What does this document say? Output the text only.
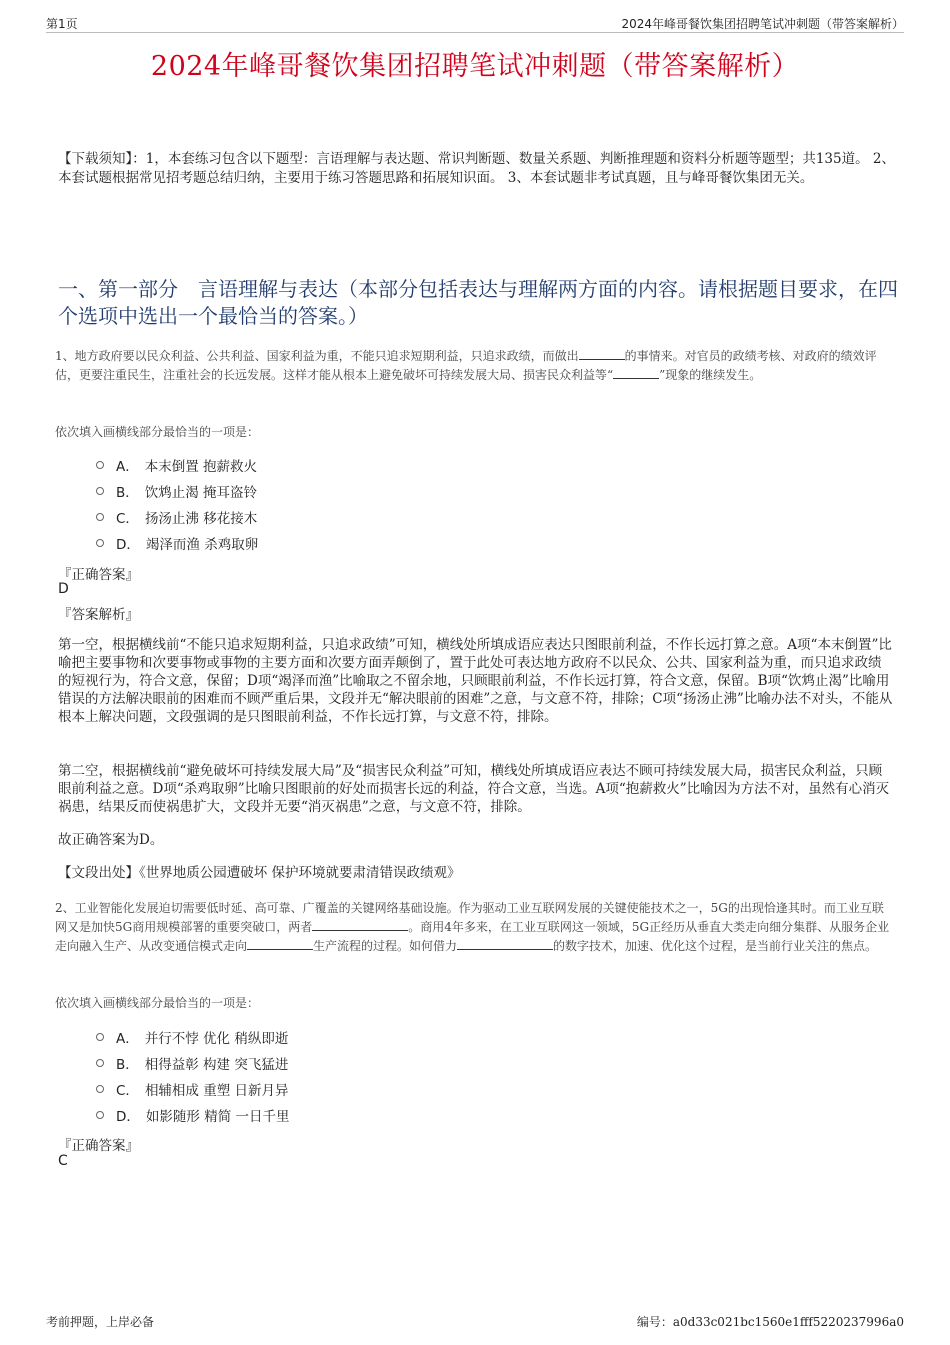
第1页	2024年峰哥餐饮集团招聘笔试冲刺题（带答案解析）
2024年峰哥餐饮集团招聘笔试冲刺题（带答案解析）
【下载须知】：1，本套练习包含以下题型：言语理解与表达题、常识判断题、数量关系题、判断推理题和资料分析题等题型；共135道。 2、本套试题根据常见招考题总结归纳，主要用于练习答题思路和拓展知识面。 3、本套试题非考试真题，且与峰哥餐饮集团无关。
一、第一部分　言语理解与表达（本部分包括表达与理解两方面的内容。请根据题目要求，在四个选项中选出一个最恰当的答案。）
1、地方政府要以民众利益、公共利益、国家利益为重，不能只追求短期利益，只追求政绩，而做出	的事情来。对官员的政绩考核、对政府的绩效评估，更要注重民生，注重社会的长远发展。这样才能从根本上避免破坏可持续发展大局、损害民众利益等“	”现象的继续发生。
依次填入画横线部分最恰当的一项是：
A． 本末倒置 抱薪救火
B． 饮鸩止渴 掩耳盗铃
C． 扬汤止沸 移花接木
D． 竭泽而渔 杀鸡取卵
『正确答案』
D
『答案解析』
第一空，根据横线前“不能只追求短期利益，只追求政绩”可知，横线处所填成语应表达只图眼前利益，不作长远打算之意。A项“本末倒置”比喻把主要事物和次要事物或事物的主要方面和次要方面弄颠倒了，置于此处可表达地方政府不以民众、公共、国家利益为重，而只追求政绩的短视行为，符合文意，保留；D项“竭泽而渔”比喻取之不留余地，只顾眼前利益，不作长远打算，符合文意，保留。B项“饮鸩止渴”比喻用错误的方法解决眼前的困难而不顾严重后果，文段并无“解决眼前的困难”之意，与文意不符，排除；C项“扬汤止沸”比喻办法不对头，不能从根本上解决问题，文段强调的是只图眼前利益，不作长远打算，与文意不符，排除。
第二空，根据横线前“避免破坏可持续发展大局”及“损害民众利益”可知，横线处所填成语应表达不顾可持续发展大局，损害民众利益，只顾眼前利益之意。D项“杀鸡取卵”比喻只图眼前的好处而损害长远的利益，符合文意，当选。A项“抱薪救火”比喻因为方法不对，虽然有心消灭祸患，结果反而使祸患扩大，文段并无要“消灭祸患”之意，与文意不符，排除。
故正确答案为D。
【文段出处】《世界地质公园遭破坏 保护环境就要肃清错误政绩观》
2、工业智能化发展迫切需要低时延、高可靠、广覆盖的关键网络基础设施。作为驱动工业互联网发展的关键使能技术之一，5G的出现恰逢其时。而工业互联网又是加快5G商用规模部署的重要突破口，两者	。商用4年多来，在工业互联网这一领域，5G正经历从垂直大类走向细分集群、从服务企业走向融入生产、从改变通信模式走向	生产流程的过程。如何借力	的数字技术，加速、优化这个过程，是当前行业关注的焦点。
依次填入画横线部分最恰当的一项是：
A． 并行不悖 优化 稍纵即逝
B． 相得益彰 构建 突飞猛进
C． 相辅相成 重塑 日新月异
D． 如影随形 精简 一日千里
『正确答案』
C
考前押题，上岸必备	编号：a0d33c021bc1560e1fff5220237996a0
